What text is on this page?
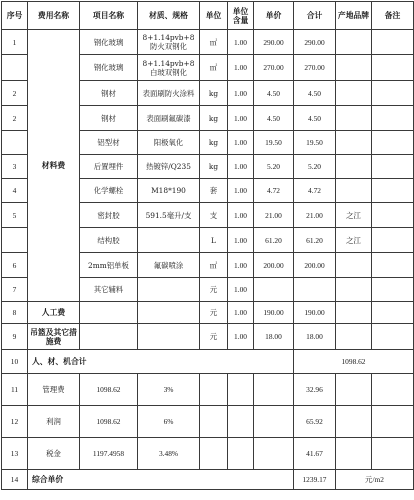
序号	费用名称	项目名称	材质、规格	单位	单位含量	单价	合计	产地品牌	备注
1	材料费	钢化玻璃	8+1.14pvb+8防火双钢化	㎡	1.00	290.00	290.00		
		钢化玻璃	8+1.14pvb+8白玻双钢化	㎡	1.00	270.00	270.00		
2		钢材	表面刷防火涂料	kg	1.00	4.50	4.50		
2		钢材	表面刷氟碳漆	kg	1.00	4.50	4.50		
		铝型材	阳极氧化	kg	1.00	19.50	19.50		
3		后置埋件	热镀锌/Q235	kg	1.00	5.20	5.20		
4		化学螺栓	M18*190	套	1.00	4.72	4.72		
5		密封胶	591.5毫升/支	支	1.00	21.00	21.00	之江	
		结构胶		L	1.00	61.20	61.20	之江	
6		2mm铝单板	氟碳喷涂	㎡	1.00	200.00	200.00		
7		其它辅料		元	1.00				
8	人工费			元	1.00	190.00	190.00		
9	吊篮及其它措施费			元	1.00	18.00	18.00		
10	人、材、机合计						1098.62		
11	管理费	1098.62	3%				32.96		
12	利润	1098.62	6%				65.92		
13	税金	1197.4958	3.48%				41.67		
14	综合单价						1239.17	元/m2	
